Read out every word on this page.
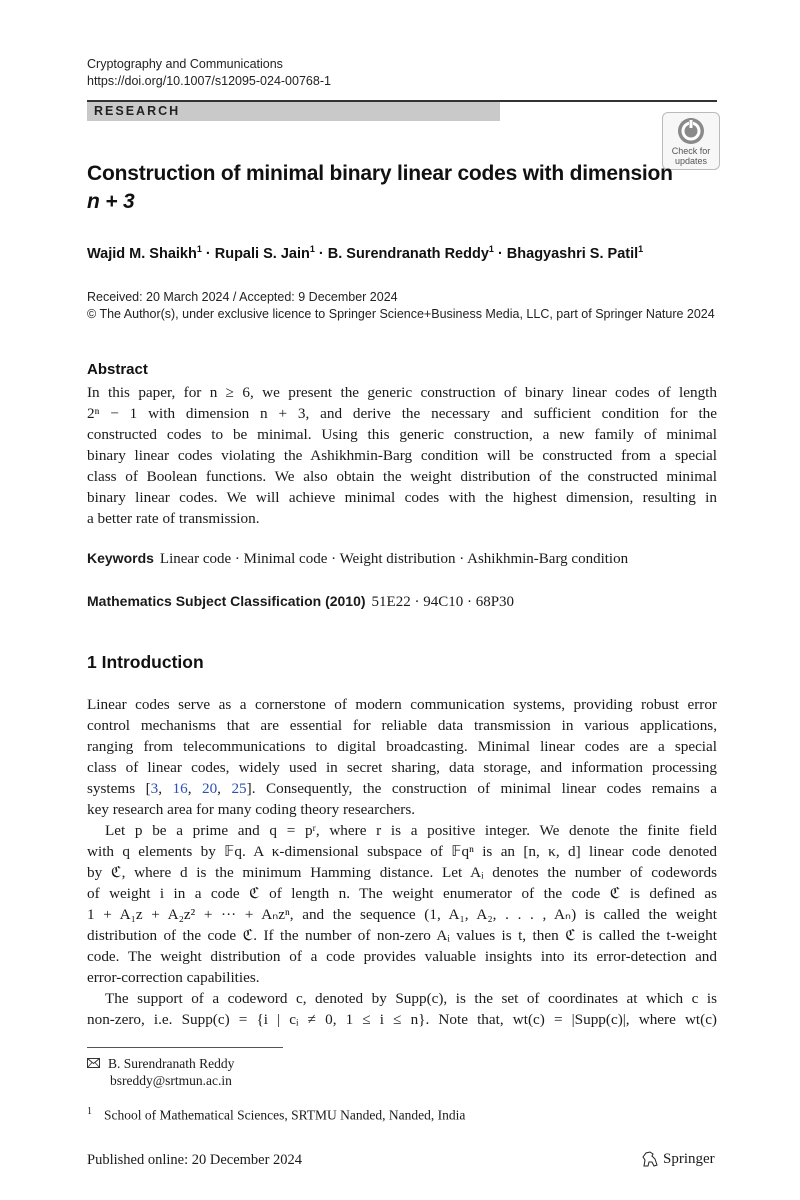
Cryptography and Communications
https://doi.org/10.1007/s12095-024-00768-1
RESEARCH
Check for
updates
Construction of minimal binary linear codes with dimension
n + 3
Wajid M. Shaikh$^1$ · Rupali S. Jain$^1$ · B. Surendranath Reddy$^1$ · Bhagyashri S. Patil$^1$
Received: 20 March 2024 / Accepted: 9 December 2024
© The Author(s), under exclusive licence to Springer Science+Business Media, LLC, part of Springer Nature 2024
Abstract
In this paper, for n ≥ 6, we present the generic construction of binary linear codes of length
2ⁿ − 1 with dimension n + 3, and derive the necessary and sufficient condition for the
constructed codes to be minimal. Using this generic construction, a new family of minimal
binary linear codes violating the Ashikhmin-Barg condition will be constructed from a special
class of Boolean functions. We also obtain the weight distribution of the constructed minimal
binary linear codes. We will achieve minimal codes with the highest dimension, resulting in
a better rate of transmission.
Keywords Linear code · Minimal code · Weight distribution · Ashikhmin-Barg condition
Mathematics Subject Classification (2010) 51E22 · 94C10 · 68P30
1 Introduction
Linear codes serve as a cornerstone of modern communication systems, providing robust error
control mechanisms that are essential for reliable data transmission in various applications,
ranging from telecommunications to digital broadcasting. Minimal linear codes are a special
class of linear codes, widely used in secret sharing, data storage, and information processing
systems [3, 16, 20, 25]. Consequently, the construction of minimal linear codes remains a
key research area for many coding theory researchers.
Let p be a prime and q = pʳ, where r is a positive integer. We denote the finite field
with q elements by 𝔽q. A κ-dimensional subspace of 𝔽qⁿ is an [n, κ, d] linear code denoted
by ℭ, where d is the minimum Hamming distance. Let Aᵢ denotes the number of codewords
of weight i in a code ℭ of length n. The weight enumerator of the code ℭ is defined as
1 + A₁z + A₂z² + ··· + Aₙzⁿ, and the sequence (1, A₁, A₂, . . . , Aₙ) is called the weight
distribution of the code ℭ. If the number of non-zero Aᵢ values is t, then ℭ is called the t-weight
code. The weight distribution of a code provides valuable insights into its error-detection and
error-correction capabilities.
The support of a codeword c, denoted by Supp(c), is the set of coordinates at which c is
non-zero, i.e. Supp(c) = {i | cᵢ ≠ 0, 1 ≤ i ≤ n}. Note that, wt(c) = |Supp(c)|, where wt(c)
B. Surendranath Reddy
bsreddy@srtmun.ac.in
$^1$ School of Mathematical Sciences, SRTMU Nanded, Nanded, India
Published online: 20 December 2024	Springer
